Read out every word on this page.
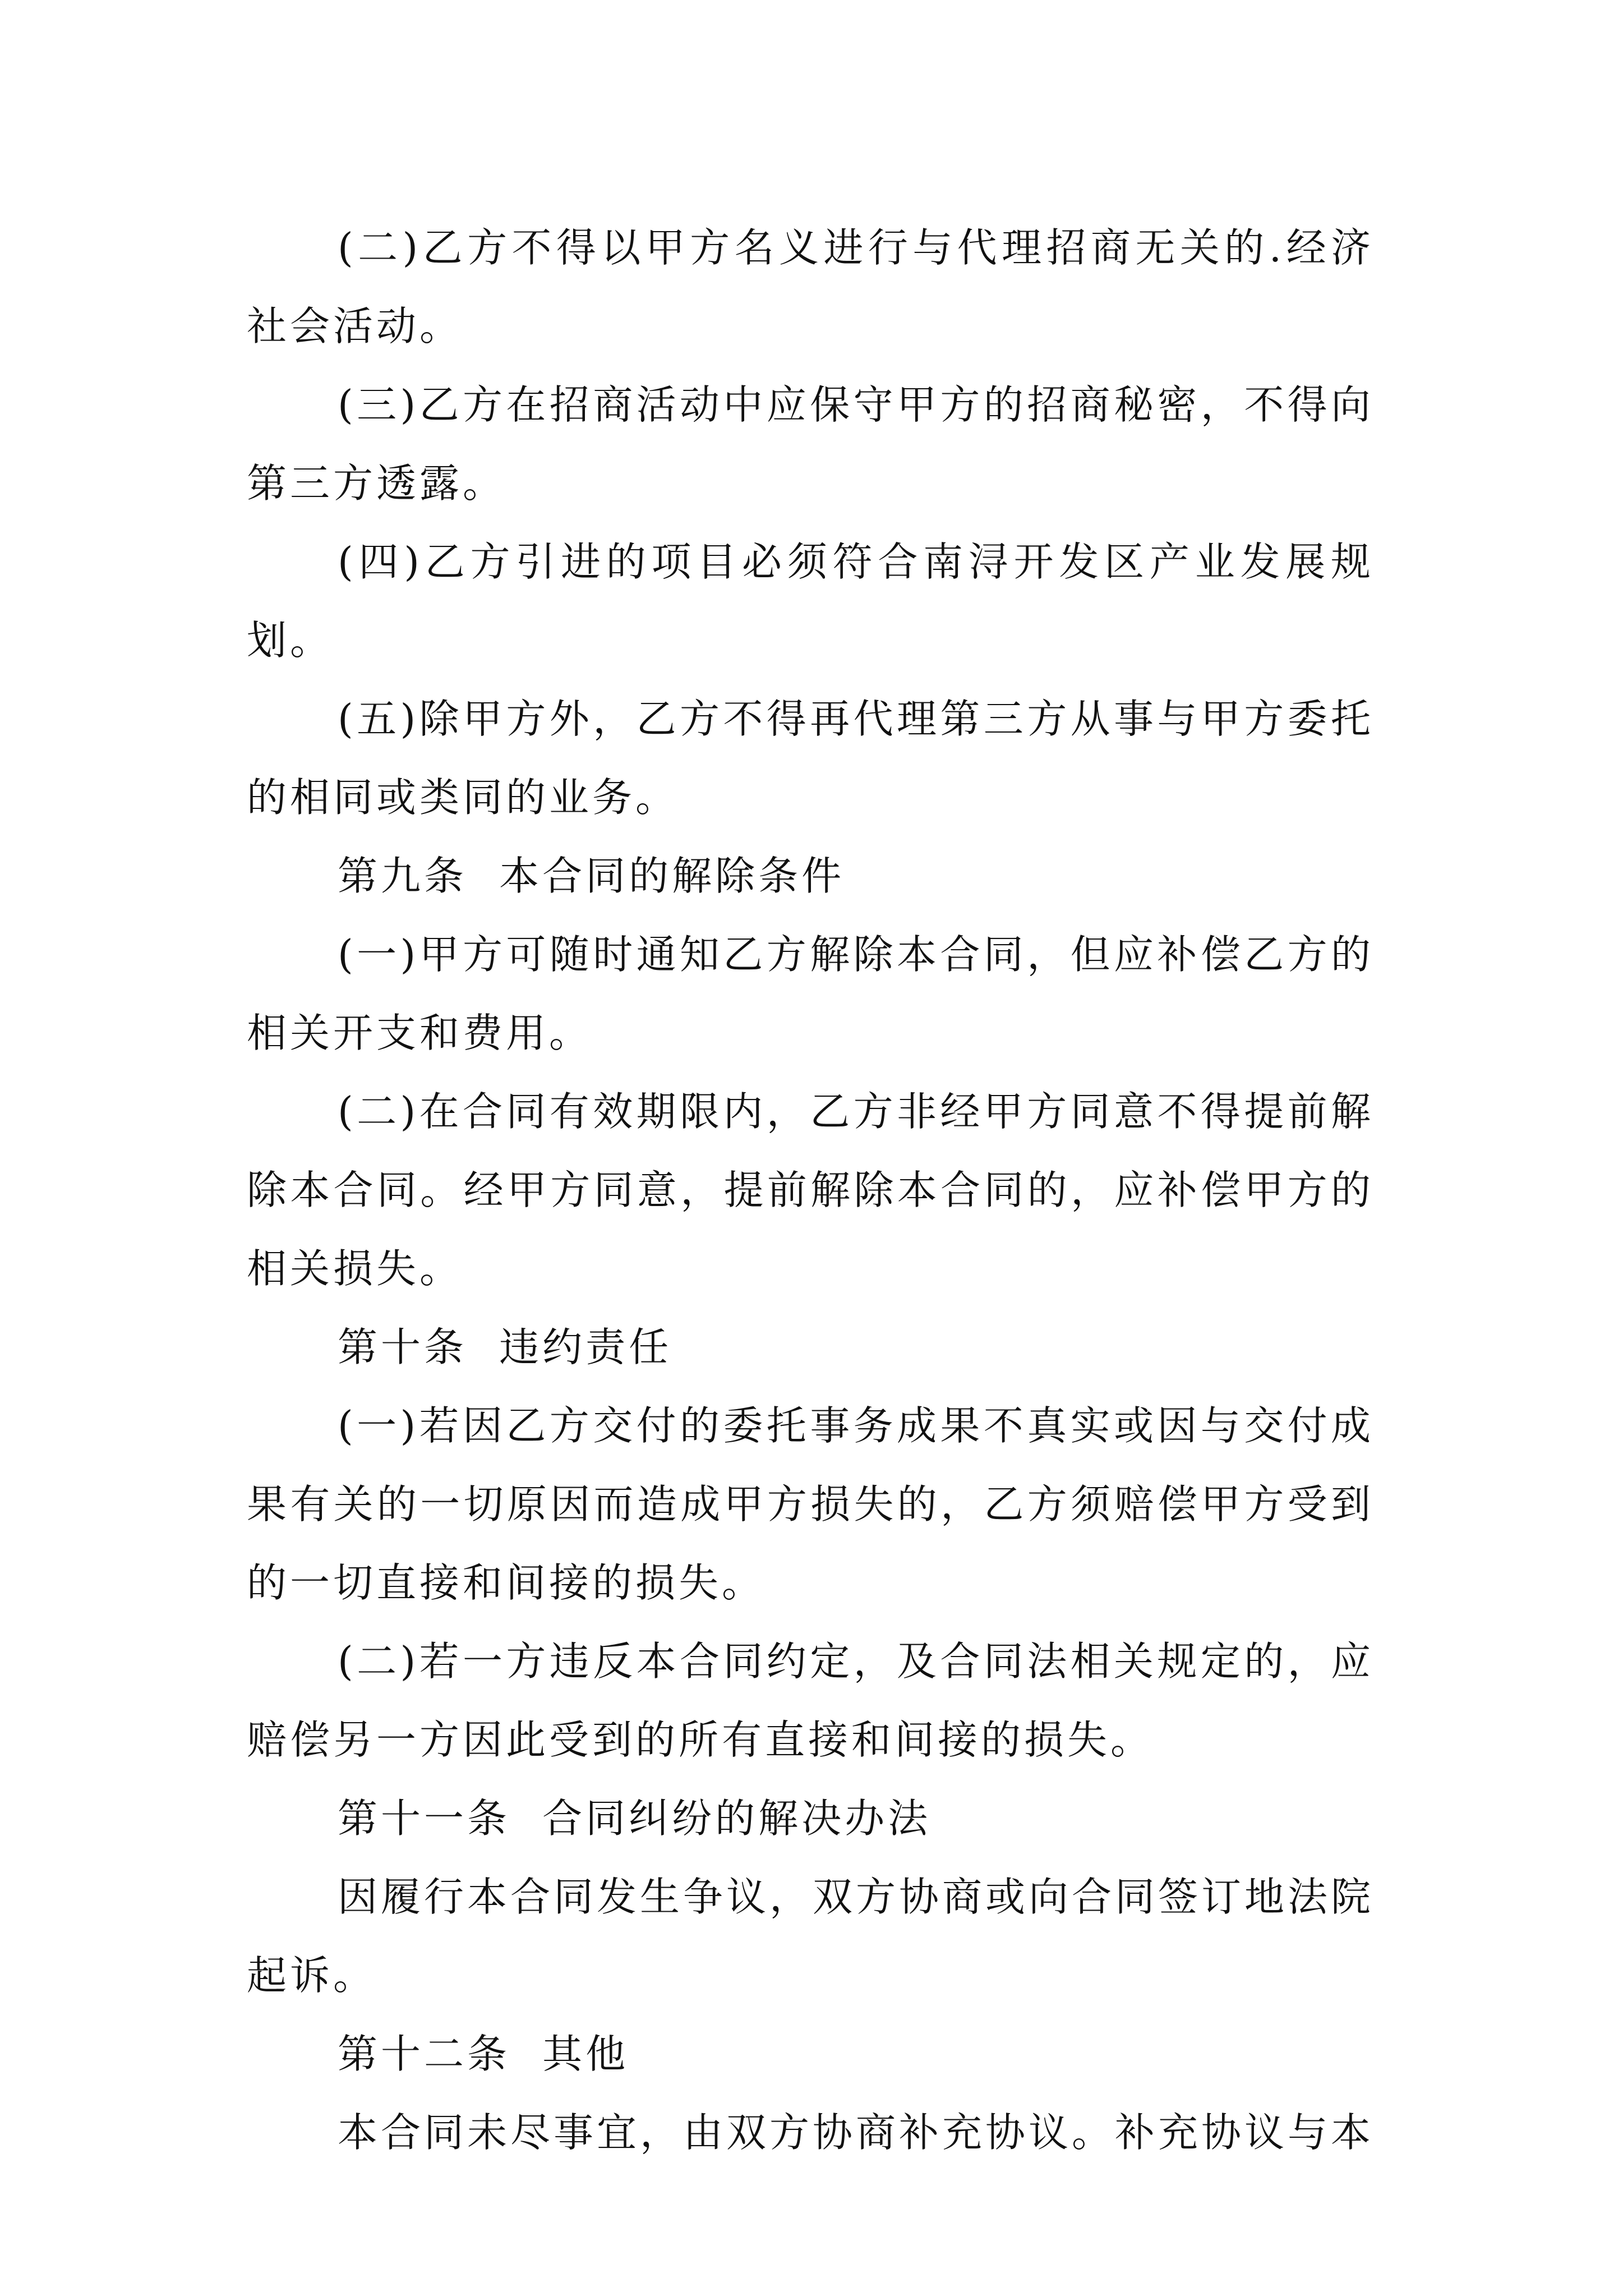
(二)乙方不得以甲方名义进行与代理招商无关的.经济社会活动。

(三)乙方在招商活动中应保守甲方的招商秘密，不得向第三方透露。

(四)乙方引进的项目必须符合南浔开发区产业发展规划。

(五)除甲方外，乙方不得再代理第三方从事与甲方委托的相同或类同的业务。

第九条  本合同的解除条件

(一)甲方可随时通知乙方解除本合同，但应补偿乙方的相关开支和费用。

(二)在合同有效期限内，乙方非经甲方同意不得提前解除本合同。经甲方同意，提前解除本合同的，应补偿甲方的相关损失。

第十条  违约责任

(一)若因乙方交付的委托事务成果不真实或因与交付成果有关的一切原因而造成甲方损失的，乙方须赔偿甲方受到的一切直接和间接的损失。

(二)若一方违反本合同约定，及合同法相关规定的，应赔偿另一方因此受到的所有直接和间接的损失。

第十一条  合同纠纷的解决办法

因履行本合同发生争议，双方协商或向合同签订地法院起诉。

第十二条  其他

本合同未尽事宜，由双方协商补充协议。补充协议与本
